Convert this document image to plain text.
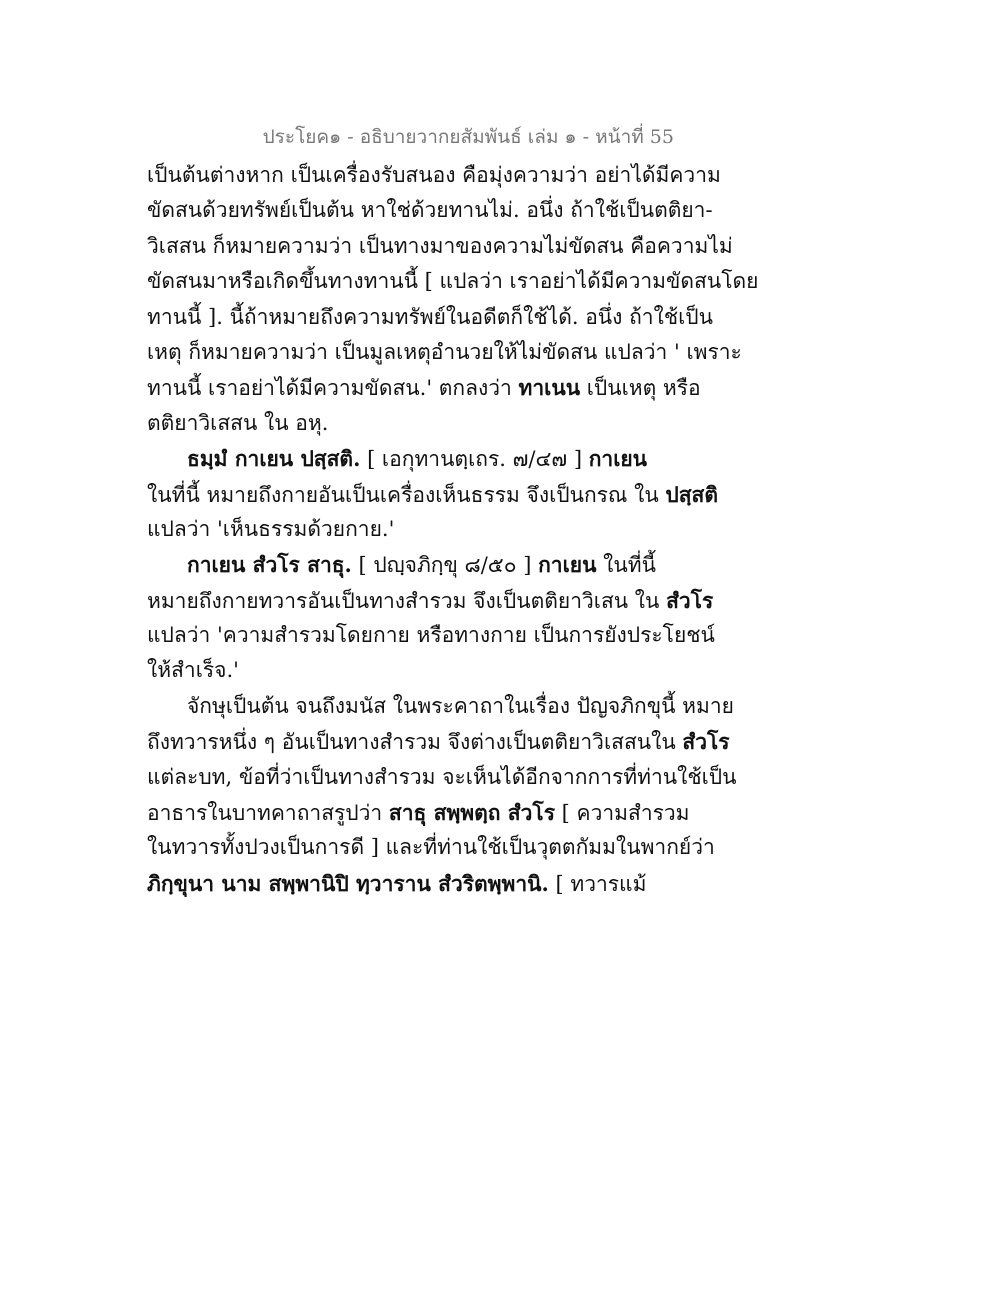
ประโยค๑ - อธิบายวากยสัมพันธ์ เล่ม ๑ - หน้าที่ 55
เป็นต้นต่างหาก เป็นเครื่องรับสนอง คือมุ่งความว่า อย่าได้มีความ
ขัดสนด้วยทรัพย์เป็นต้น หาใช่ด้วยทานไม่. อนึ่ง ถ้าใช้เป็นตติยา-
วิเสสน ก็หมายความว่า เป็นทางมาของความไม่ขัดสน คือความไม่
ขัดสนมาหรือเกิดขึ้นทางทานนี้ [ แปลว่า เราอย่าได้มีความขัดสนโดย
ทานนี้ ]. นี้ถ้าหมายถึงความทรัพย์ในอดีตก็ใช้ได้. อนึ่ง ถ้าใช้เป็น
เหตุ ก็หมายความว่า เป็นมูลเหตุอำนวยให้ไม่ขัดสน แปลว่า ' เพราะ
ทานนี้ เราอย่าได้มีความขัดสน.' ตกลงว่า ทาเนน เป็นเหตุ หรือ
ตติยาวิเสสน ใน อหุ.
ธมฺมํ กาเยน ปสฺสติ. [ เอกุทานตฺเถร. ๗/๔๗ ] กาเยน
ในที่นี้ หมายถึงกายอันเป็นเครื่องเห็นธรรม จึงเป็นกรณ ใน ปสฺสติ
แปลว่า 'เห็นธรรมด้วยกาย.'
กาเยน สํวโร สาธุ. [ ปญฺจภิกฺขุ ๘/๕๐ ] กาเยน ในที่นี้
หมายถึงกายทวารอันเป็นทางสำรวม จึงเป็นตติยาวิเสน ใน สํวโร
แปลว่า 'ความสำรวมโดยกาย หรือทางกาย เป็นการยังประโยชน์
ให้สำเร็จ.'
จักษุเป็นต้น จนถึงมนัส ในพระคาถาในเรื่อง ปัญจภิกขุนี้ หมาย
ถึงทวารหนึ่ง ๆ อันเป็นทางสำรวม จึงต่างเป็นตติยาวิเสสนใน สํวโร
แต่ละบท, ข้อที่ว่าเป็นทางสำรวม จะเห็นได้อีกจากการที่ท่านใช้เป็น
อาธารในบาทคาถาสรูปว่า สาธุ สพฺพตฺถ สํวโร [ ความสำรวม
ในทวารทั้งปวงเป็นการดี ] และที่ท่านใช้เป็นวุตตกัมมในพากย์ว่า
ภิกฺขุนา นาม สพฺพานิปิ ทฺวาราน สํวริตพฺพานิ. [ ทวารแม้
